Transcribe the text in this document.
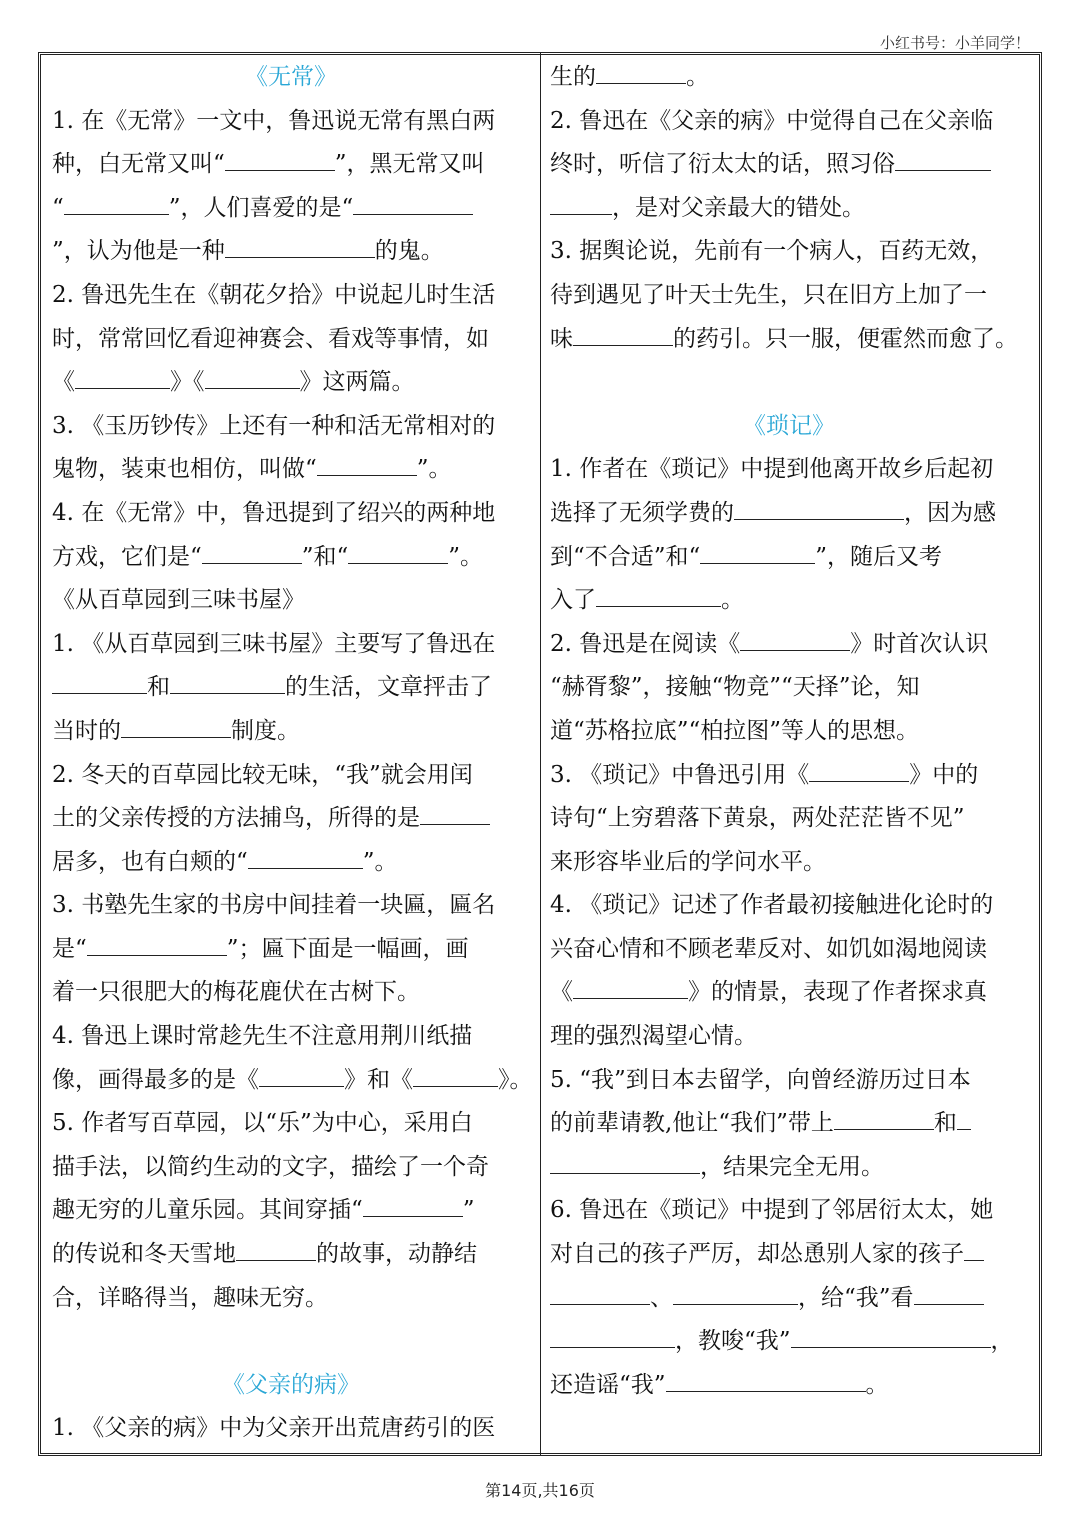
小红书号：小羊同学！
《无常》
1. 在《无常》一文中，鲁迅说无常有黑白两
种，白无常又叫“	”，黑无常又叫
“	”，人们喜爱的是“
”，认为他是一种	的鬼。
2. 鲁迅先生在《朝花夕拾》中说起儿时生活
时，常常回忆看迎神赛会、看戏等事情，如
《	》《	》这两篇。
3. 《玉历钞传》上还有一种和活无常相对的
鬼物，装束也相仿，叫做“	”。
4. 在《无常》中，鲁迅提到了绍兴的两种地
方戏，它们是“	”和“	”。
《从百草园到三味书屋》
1. 《从百草园到三味书屋》主要写了鲁迅在
和	的生活，文章抨击了
当时的	制度。
2. 冬天的百草园比较无味，“我”就会用闰
土的父亲传授的方法捕鸟，所得的是
居多，也有白颊的“	”。
3. 书塾先生家的书房中间挂着一块匾，匾名
是“	”；匾下面是一幅画，画
着一只很肥大的梅花鹿伏在古树下。
4. 鲁迅上课时常趁先生不注意用荆川纸描
像，画得最多的是《	》和《	》。
5. 作者写百草园，以“乐”为中心，采用白
描手法，以简约生动的文字，描绘了一个奇
趣无穷的儿童乐园。其间穿插“	”
的传说和冬天雪地	的故事，动静结
合，详略得当，趣味无穷。
《父亲的病》
1. 《父亲的病》中为父亲开出荒唐药引的医
生的	。
2. 鲁迅在《父亲的病》中觉得自己在父亲临
终时，听信了衍太太的话，照习俗
，是对父亲最大的错处。
3. 据舆论说，先前有一个病人，百药无效，
待到遇见了叶天士先生，只在旧方上加了一
味	的药引。只一服，便霍然而愈了。
《琐记》
1. 作者在《琐记》中提到他离开故乡后起初
选择了无须学费的	，因为感
到“不合适”和“	”，随后又考
入了	。
2. 鲁迅是在阅读《	》时首次认识
“赫胥黎”，接触“物竞”“天择”论，知
道“苏格拉底”“柏拉图”等人的思想。
3. 《琐记》中鲁迅引用《	》中的
诗句“上穷碧落下黄泉，两处茫茫皆不见”
来形容毕业后的学问水平。
4. 《琐记》记述了作者最初接触进化论时的
兴奋心情和不顾老辈反对、如饥如渴地阅读
《	》的情景，表现了作者探求真
理的强烈渴望心情。
5. “我”到日本去留学，向曾经游历过日本
的前辈请教,他让“我们”带上	和
，结果完全无用。
6. 鲁迅在《琐记》中提到了邻居衍太太，她
对自己的孩子严厉，却怂恿别人家的孩子
、	，给“我”看
，教唆“我”	，
还造谣“我”	。
第14页,共16页
